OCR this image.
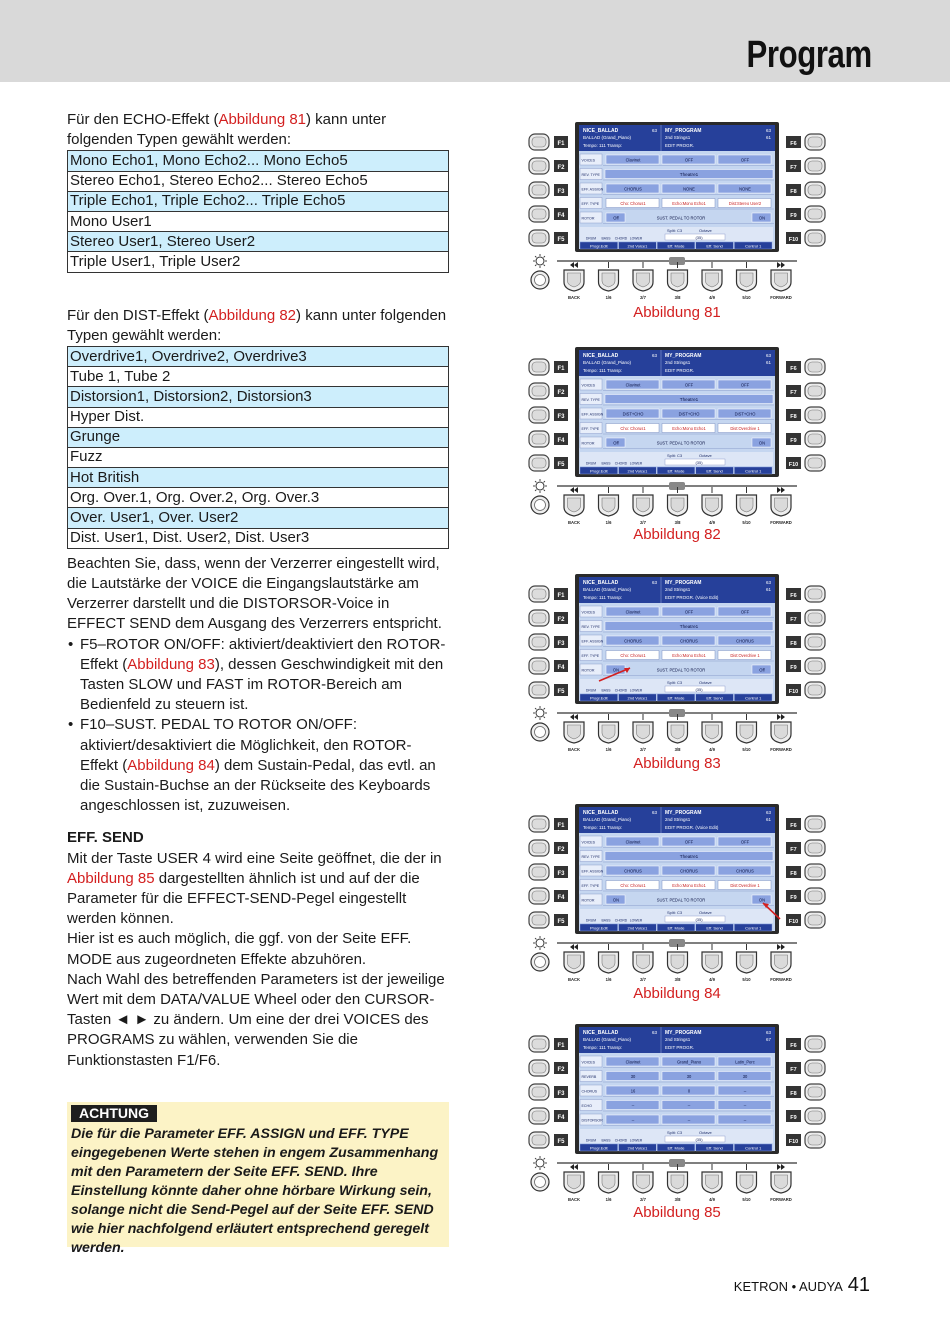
Program

Für den ECHO-Effekt (Abbildung 81) kann unter folgenden Typen gewählt werden:

Mono Echo1, Mono Echo2... Mono Echo5
Stereo Echo1, Stereo Echo2... Stereo Echo5
Triple Echo1, Triple Echo2... Triple Echo5
Mono User1
Stereo User1, Stereo User2
Triple User1, Triple User2

Für den DIST-Effekt (Abbildung 82) kann unter folgenden Typen gewählt werden:

Overdrive1, Overdrive2, Overdrive3
Tube 1, Tube 2
Distorsion1, Distorsion2, Distorsion3
Hyper Dist.
Grunge
Fuzz
Hot British
Org. Over.1, Org. Over.2, Org. Over.3
Over. User1, Over. User2
Dist. User1, Dist. User2, Dist. User3

Beachten Sie, dass, wenn der Verzerrer eingestellt wird, die Lautstärke der VOICE die Eingangslautstärke am Verzerrer darstellt und die DISTORSOR-Voice in EFFECT SEND dem Ausgang des Verzerrers entspricht.

• F5–ROTOR ON/OFF: aktiviert/deaktiviert den ROTOR-Effekt (Abbildung 83), dessen Geschwindigkeit mit den Tasten SLOW und FAST im ROTOR-Bereich am Bedienfeld zu steuern ist.
• F10–SUST. PEDAL TO ROTOR ON/OFF: aktiviert/desaktiviert die Möglichkeit, den ROTOR-Effekt (Abbildung 84) dem Sustain-Pedal, das evtl. an die Sustain-Buchse an der Rückseite des Keyboards angeschlossen ist, zuzuweisen.

EFF. SEND

Mit der Taste USER 4 wird eine Seite geöffnet, die der in Abbildung 85 dargestellten ähnlich ist und auf der die Parameter für die EFFECT-SEND-Pegel eingestellt werden können.

Hier ist es auch möglich, die ggf. von der Seite EFF. MODE aus zugeordneten Effekte abzuhören.

Nach Wahl des betreffenden Parameters ist der jeweilige Wert mit dem DATA/VALUE Wheel oder den CURSOR-Tasten ◄ ► zu ändern. Um eine der drei VOICES des PROGRAMS zu wählen, verwenden Sie die Funktionstasten F1/F6.

ACHTUNG

Die für die Parameter EFF. ASSIGN und EFF. TYPE eingegebenen Werte stehen in engem Zusammenhang mit den Parametern der Seite EFF. SEND. Ihre Einstellung könnte daher ohne hörbare Wirkung sein, solange nicht die Send-Pegel auf der Seite EFF. SEND wie hier nachfolgend erläutert entsprechend geregelt werden.

F1	F6
F2	F7
F3	F8
F4	F9
F5	F10
NICE_BALLAD	63
BALLAD (Grand_Piano)
Tempo: 111 Transp:
MY_PROGRAM	63
2nd Strings1	61
EDIT PROGR.
VOICES	Clavinet	OFF	OFF
REV. TYPE	Theatre1
EFF. ASSIGN	CHORUS	NONE	NONE
EFF. TYPE	Cho: Chorus1	Echo:Mono Echo1	Dist:Stereo User2
ROTOR	Off	SUST. PEDAL TO ROTOR	ON
Split: C3	Octave
(35)
DRUM BASS CHORD LOWER
Progr.Edit	2nd Voice1	Eff. Mode	Eff. Send	Control 1
BACK	1/6	2/7	3/8	4/9	5/10	FORWARD
Abbildung 81
F1	F6
F2	F7
F3	F8
F4	F9
F5	F10
NICE_BALLAD	63
BALLAD (Grand_Piano)
Tempo: 111 Transp:
MY_PROGRAM	63
2nd Strings1	61
EDIT PROGR.
VOICES	Clavinet	OFF	OFF
REV. TYPE	Theatre1
EFF. ASSIGN	DIST+CHO	DIST+CHO	DIST+CHO
EFF. TYPE	Cho: Chorus1	Echo:Mono Echo1	Dist:Overdrive 1
ROTOR	Off	SUST. PEDAL TO ROTOR	ON
Split: C3	Octave
(35)
DRUM BASS CHORD LOWER
Progr.Edit	2nd Voice1	Eff. Mode	Eff. Send	Control 1
BACK	1/6	2/7	3/8	4/9	5/10	FORWARD
Abbildung 82
F1	F6
F2	F7
F3	F8
F4	F9
F5	F10
NICE_BALLAD	63
BALLAD (Grand_Piano)
Tempo: 111 Transp:
MY_PROGRAM	63
2nd Strings1	61
EDIT PROGR. (Voice Edit)
VOICES	Clavinet	OFF	OFF
REV. TYPE	Theatre1
EFF. ASSIGN	CHORUS	CHORUS	CHORUS
EFF. TYPE	Cho: Chorus1	Echo:Mono Echo1	Dist:Overdrive 1
ROTOR	ON	SUST. PEDAL TO ROTOR	Off
Split: C3	Octave
(35)
DRUM BASS CHORD LOWER
Progr.Edit	2nd Voice1	Eff. Mode	Eff. Send	Control 1
BACK	1/6	2/7	3/8	4/9	5/10	FORWARD
Abbildung 83
F1	F6
F2	F7
F3	F8
F4	F9
F5	F10
NICE_BALLAD	63
BALLAD (Grand_Piano)
Tempo: 111 Transp:
MY_PROGRAM	63
2nd Strings1	61
EDIT PROGR. (Voice Edit)
VOICES	Clavinet	OFF	OFF
REV. TYPE	Theatre1
EFF. ASSIGN	CHORUS	CHORUS	CHORUS
EFF. TYPE	Cho: Chorus1	Echo:Mono Echo1	Dist:Overdrive 1
ROTOR	ON	SUST. PEDAL TO ROTOR	ON
Split: C3	Octave
(35)
DRUM BASS CHORD LOWER
Progr.Edit	2nd Voice1	Eff. Mode	Eff. Send	Control 1
BACK	1/6	2/7	3/8	4/9	5/10	FORWARD
Abbildung 84
F1	F6
F2	F7
F3	F8
F4	F9
F5	F10
NICE_BALLAD	63
BALLAD (Grand_Piano)
Tempo: 111 Transp:
MY_PROGRAM	63
2nd Strings1	67
EDIT PROGR.
VOICES	Clavinet	Grand_Piano	Latin_Perc
REVERB	30	30	30
CHORUS	16	0	--
ECHO	--	--	--
DISTORSOR	--	--	--
Split: C3	Octave
(35)
DRUM BASS CHORD LOWER
Progr.Edit	2nd Voice1	Eff. Mode	Eff. Send	Control 1
BACK	1/6	2/7	3/8	4/9	5/10	FORWARD
Abbildung 85
KETRON • AUDYA 41
